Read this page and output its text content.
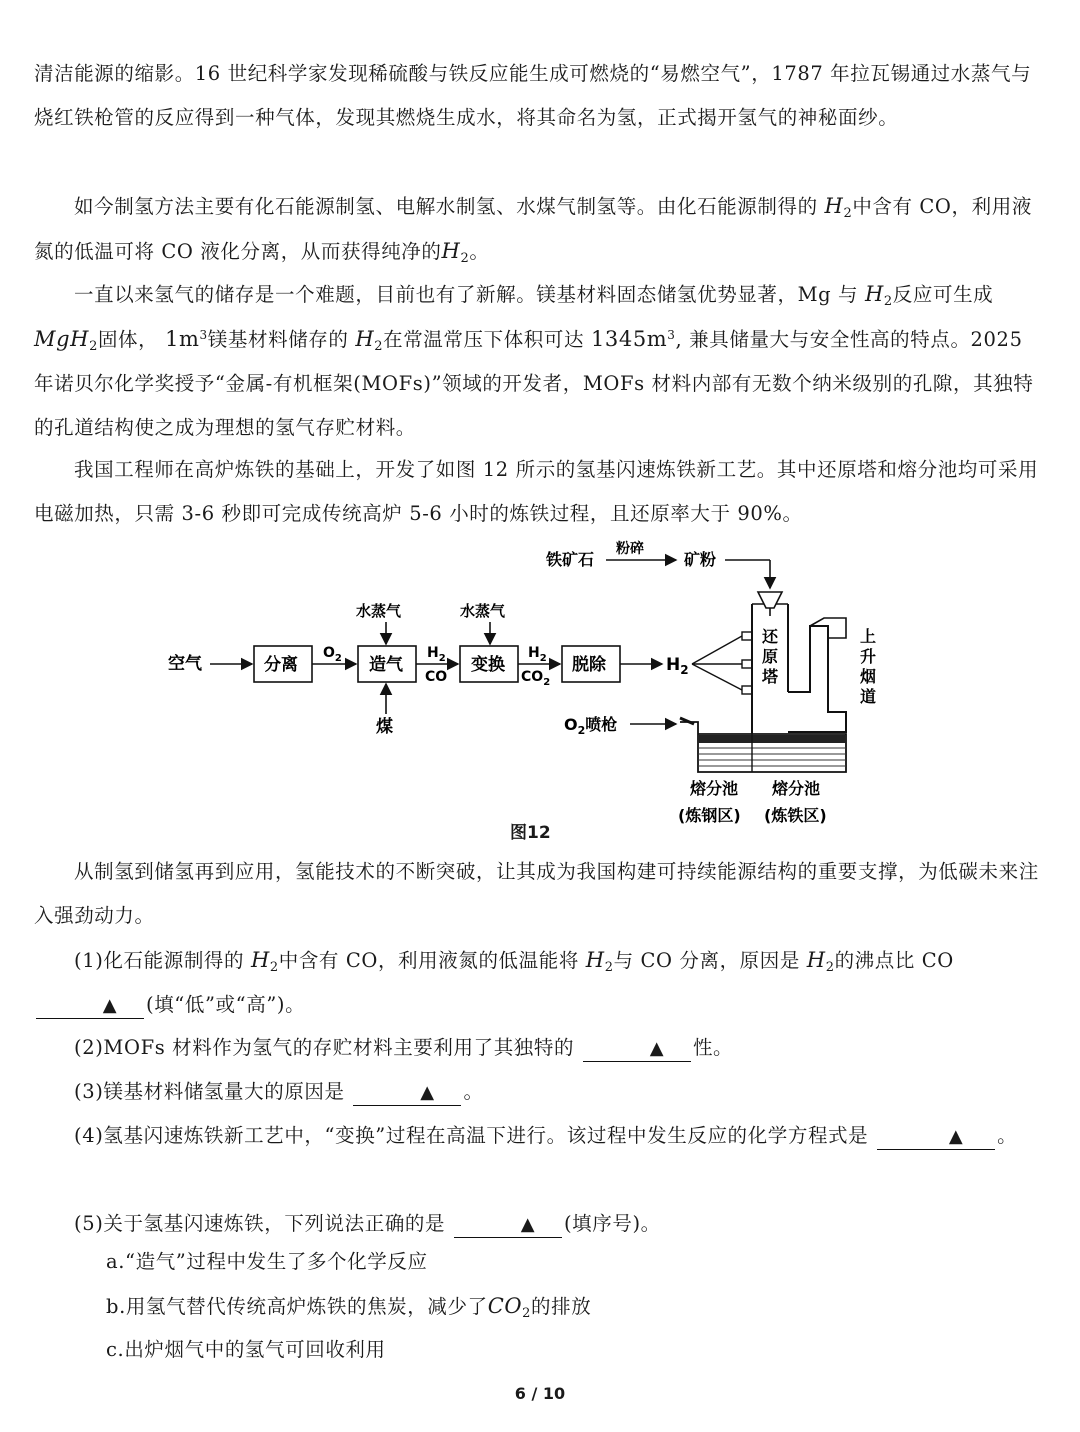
清洁能源的缩影。16 世纪科学家发现稀硫酸与铁反应能生成可燃烧的“易燃空气”，1787 年拉瓦锡通过水蒸气与烧红铁枪管的反应得到一种气体，发现其燃烧生成水，将其命名为氢，正式揭开氢气的神秘面纱。

如今制氢方法主要有化石能源制氢、电解水制氢、水煤气制氢等。由化石能源制得的 $H_2$中含有 CO，利用液氮的低温可将 CO 液化分离，从而获得纯净的$H_2$。

一直以来氢气的储存是一个难题，目前也有了新解。镁基材料固态储氢优势显著，Mg 与 $H_2$反应可生成 MgH$_2$固体， $1m^3$镁基材料储存的 $H_2$在常温常压下体积可达 $1345m^3$, 兼具储量大与安全性高的特点。2025 年诺贝尔化学奖授予“金属-有机框架(MOFs)”领域的开发者，MOFs 材料内部有无数个纳米级别的孔隙，其独特的孔道结构使之成为理想的氢气存贮材料。

我国工程师在高炉炼铁的基础上，开发了如图 12 所示的氢基闪速炼铁新工艺。其中还原塔和熔分池均可采用电磁加热，只需 3-6 秒即可完成传统高炉 5-6 小时的炼铁过程，且还原率大于 90%。

铁矿石
粉碎
矿粉
空气	分离
$O_2$
水蒸气
造气
煤
$H_2$
CO
水蒸气
变换
$H_2$
$CO_2$
脱除	$H_2$
还
原
塔
上
升
烟
道
$O_2$喷枪
熔分池 熔分池
(炼钢区) (炼铁区)
图12

从制氢到储氢再到应用，氢能技术的不断突破，让其成为我国构建可持续能源结构的重要支撑，为低碳未来注入强劲动力。

(1)化石能源制得的 $H_2$中含有 CO，利用液氮的低温能将 $H_2$与 CO 分离，原因是 $H_2$的沸点比 CO ▲ (填“低”或“高”)。

(2)MOFs 材料作为氢气的存贮材料主要利用了其独特的	▲ 性。

(3)镁基材料储氢量大的原因是	▲ 。

(4)氢基闪速炼铁新工艺中，“变换”过程在高温下进行。该过程中发生反应的化学方程式是	▲ 。

(5)关于氢基闪速炼铁，下列说法正确的是	▲ (填序号)。

a.“造气”过程中发生了多个化学反应

b.用氢气替代传统高炉炼铁的焦炭，减少了$CO_2$的排放

c.出炉烟气中的氢气可回收利用

6 / 10
